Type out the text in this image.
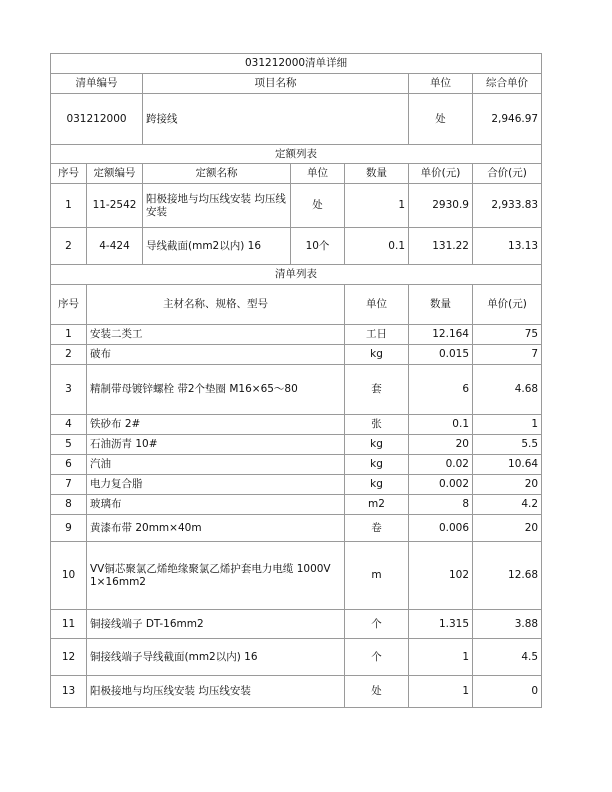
031212000清单详细							
清单编号		项目名称			单位	综合单价	
031212000		跨接线			处	2,946.97	
定额列表							
序号	定额编号	定额名称	单位	数量	单价(元)	合价(元)	
1	11-2542	阳极接地与均压线安装 均压线安装	处	1	2930.9	2,933.83	
2	4-424	导线截面(mm2以内) 16	10个	0.1	131.22	13.13	
清单列表							
序号	主材名称、规格、型号			单位	数量	单价(元)	
1	安装二类工			工日	12.164	75	
2	破布			kg	0.015	7	
3	精制带母镀锌螺栓 带2个垫圈 M16×65～80			套	6	4.68	
4	铁砂布 2#			张	0.1	1	
5	石油沥青 10#			kg	20	5.5	
6	汽油			kg	0.02	10.64	
7	电力复合脂			kg	0.002	20	
8	玻璃布			m2	8	4.2	
9	黄漆布带 20mm×40m			卷	0.006	20	
10	VV铜芯聚氯乙烯绝缘聚氯乙烯护套电力电缆 1000V 1×16mm2			m	102	12.68	
11	铜接线端子 DT-16mm2			个	1.315	3.88	
12	铜接线端子导线截面(mm2以内) 16			个	1	4.5	
13	阳极接地与均压线安装 均压线安装			处	1	0	
